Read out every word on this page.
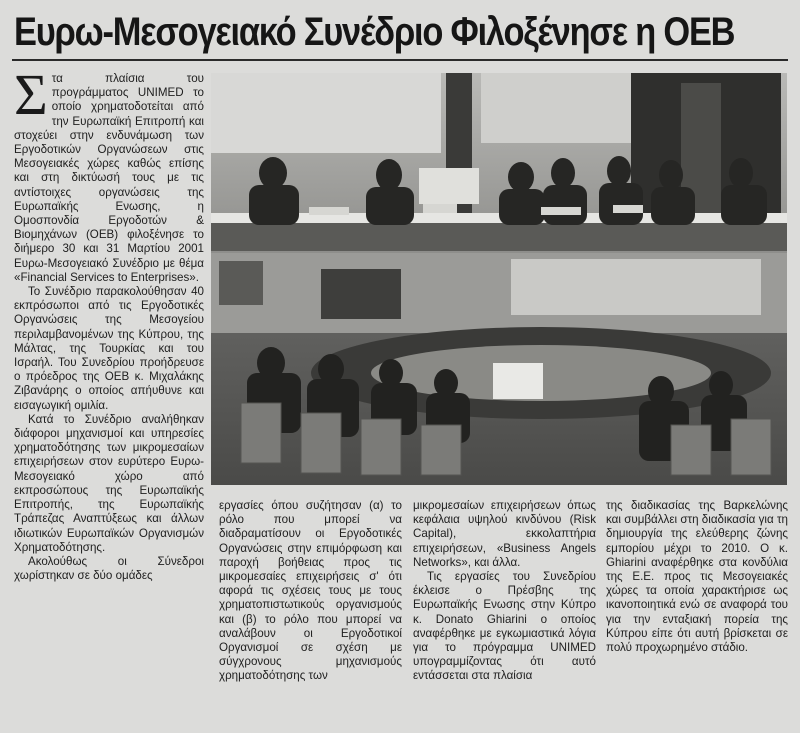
Ευρω-Μεσογειακό Συνέδριο Φιλοξένησε η ΟΕΒ

Στα πλαίσια του προγράμματος UNIMED το οποίο χρηματοδοτείται από την Ευρωπαϊκή Επιτροπή και στοχεύει στην ενδυνάμωση των Εργοδοτικών Οργανώσεων στις Μεσογειακές χώρες καθώς επίσης και στη δικτύωσή τους με τις αντίστοιχες οργανώσεις της Ευρωπαϊκής Ενωσης, η Ομοσπονδία Εργοδοτών & Βιομηχάνων (ΟΕΒ) φιλοξένησε το διήμερο 30 και 31 Μαρτίου 2001 Ευρω-Μεσογειακό Συνέδριο με θέμα «Financial Services to Enterprises».

Το Συνέδριο παρακολούθησαν 40 εκπρόσωποι από τις Εργοδοτικές Οργανώσεις της Μεσογείου περιλαμβανομένων της Κύπρου, της Μάλτας, της Τουρκίας και του Ισραήλ. Του Συνεδρίου προήδρευσε ο πρόεδρος της ΟΕΒ κ. Μιχαλάκης Ζιβανάρης ο οποίος απήυθυνε και εισαγωγική ομιλία.

Κατά το Συνέδριο αναλήθηκαν διάφοροι μηχανισμοί και υπηρεσίες χρηματοδότησης των μικρομεσαίων επιχειρήσεων στον ευρύτερο Ευρω-Μεσογειακό χώρο από εκπροσώπους της Ευρωπαϊκής Επιτροπής, της Ευρωπαϊκής Τράπεζας Αναπτύξεως και άλλων ιδιωτικών Ευρωπαϊκών Οργανισμών Χρηματοδότησης.

Ακολούθως οι Σύνεδροι χωρίστηκαν σε δύο ομάδες

εργασίες όπου συζήτησαν (α) το ρόλο που μπορεί να διαδραματίσουν οι Εργοδοτικές Οργανώσεις στην επιμόρφωση και παροχή βοήθειας προς τις μικρομεσαίες επιχειρήσεις σ' ότι αφορά τις σχέσεις τους με τους χρηματοπιστωτικούς οργανισμούς και (β) το ρόλο που μπορεί να αναλάβουν οι Εργοδοτικοί Οργανισμοί σε σχέση με σύγχρονους μηχανισμούς χρηματοδότησης των

μικρομεσαίων επιχειρήσεων όπως κεφάλαια υψηλού κινδύνου (Risk Capital), εκκολαπτήρια επιχειρήσεων, «Business Angels Networks», και άλλα.

Τις εργασίες του Συνεδρίου έκλεισε ο Πρέσβης της Ευρωπαϊκής Ενωσης στην Κύπρο κ. Donato Ghiarini ο οποίος αναφέρθηκε με εγκωμιαστικά λόγια για το πρόγραμμα UNIMED υπογραμμίζοντας ότι αυτό εντάσσεται στα πλαίσια

της διαδικασίας της Βαρκελώνης και συμβάλλει στη διαδικασία για τη δημιουργία της ελεύθερης ζώνης εμπορίου μέχρι το 2010. Ο κ. Ghiarini αναφέρθηκε στα κονδύλια της Ε.Ε. προς τις Μεσογειακές χώρες τα οποία χαρακτήρισε ως ικανοποιητικά ενώ σε αναφορά του για την ενταξιακή πορεία της Κύπρου είπε ότι αυτή βρίσκεται σε πολύ προχωρημένο στάδιο.
